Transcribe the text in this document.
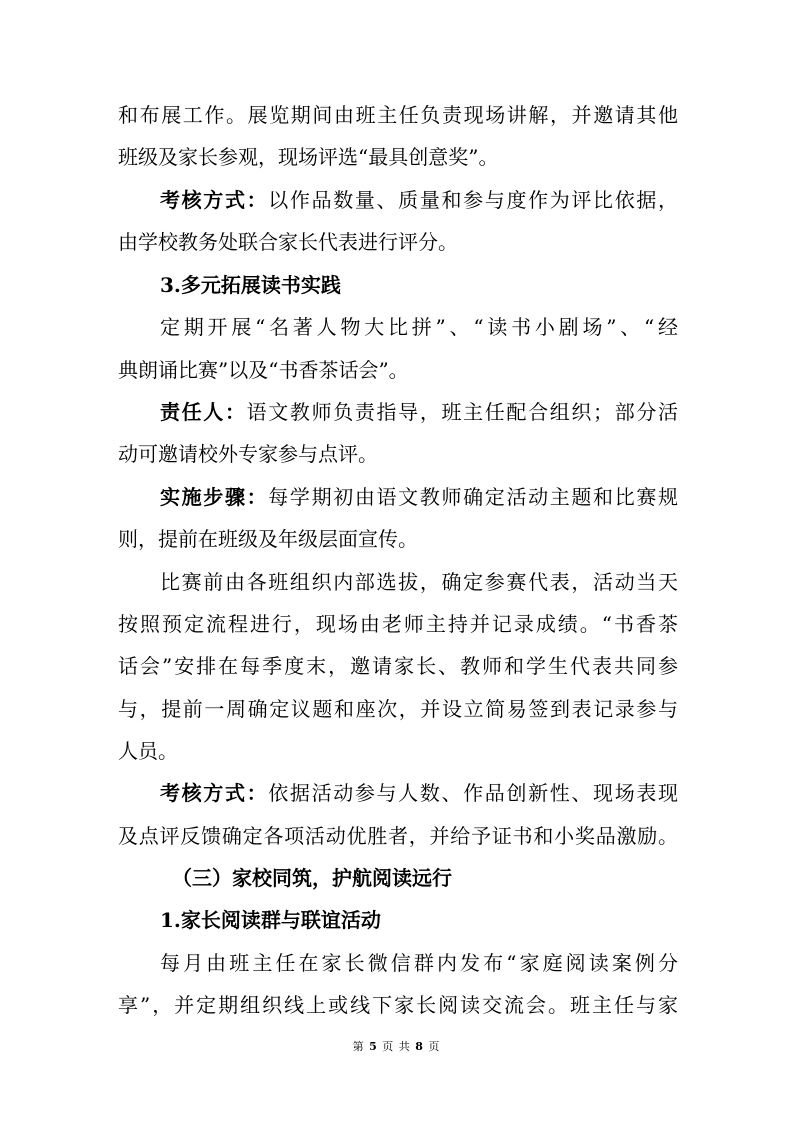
和布展工作。展览期间由班主任负责现场讲解，并邀请其他
班级及家长参观，现场评选“最具创意奖”。
考核方式：以作品数量、质量和参与度作为评比依据，
由学校教务处联合家长代表进行评分。
3.多元拓展读书实践
定期开展“名著人物大比拼”、“读书小剧场”、“经
典朗诵比赛”以及“书香茶话会”。
责任人：语文教师负责指导，班主任配合组织；部分活
动可邀请校外专家参与点评。
实施步骤：每学期初由语文教师确定活动主题和比赛规
则，提前在班级及年级层面宣传。
比赛前由各班组织内部选拔，确定参赛代表，活动当天
按照预定流程进行，现场由老师主持并记录成绩。“书香茶
话会”安排在每季度末，邀请家长、教师和学生代表共同参
与，提前一周确定议题和座次，并设立简易签到表记录参与
人员。
考核方式：依据活动参与人数、作品创新性、现场表现
及点评反馈确定各项活动优胜者，并给予证书和小奖品激励。
（三）家校同筑，护航阅读远行
1.家长阅读群与联谊活动
每月由班主任在家长微信群内发布“家庭阅读案例分
享”，并定期组织线上或线下家长阅读交流会。班主任与家
第 5 页 共 8 页
